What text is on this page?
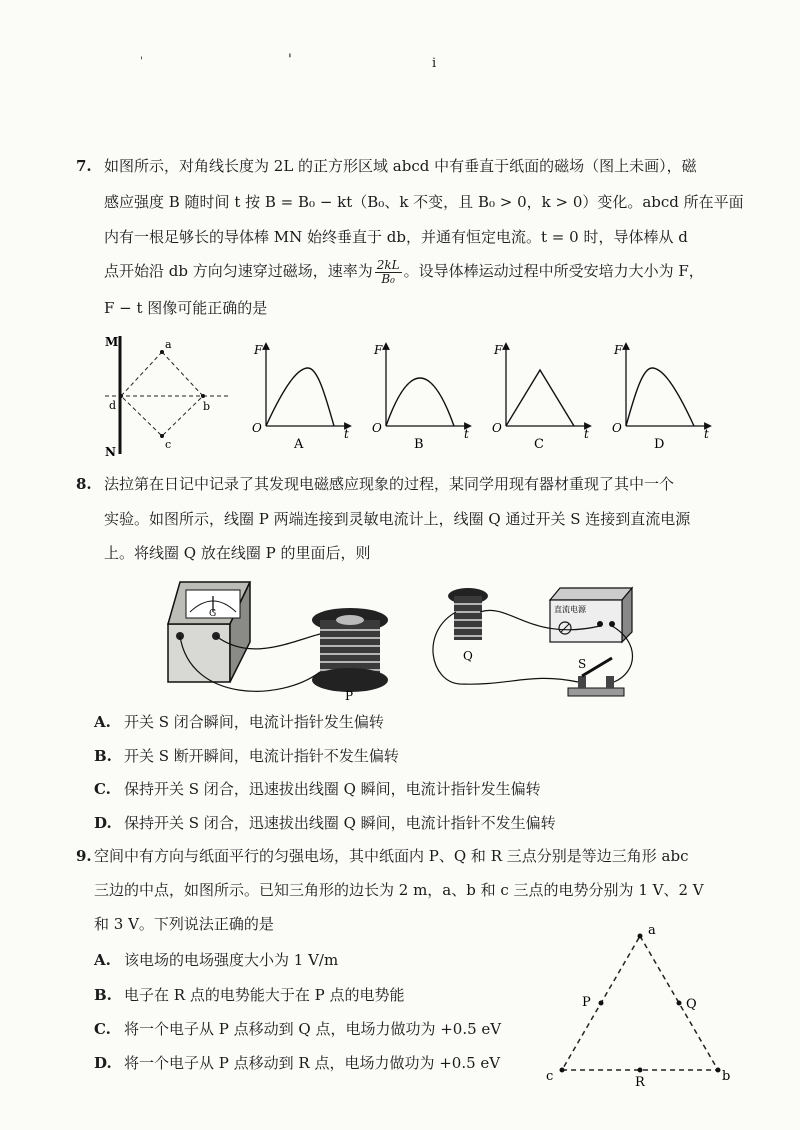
'	'	i
7. 如图所示，对角线长度为 2L 的正方形区域 abcd 中有垂直于纸面的磁场（图上未画），磁
感应强度 B 随时间 t 按 B = B₀ − kt（B₀、k 不变，且 B₀ > 0，k > 0）变化。abcd 所在平面
内有一根足够长的导体棒 MN 始终垂直于 db，并通有恒定电流。t = 0 时，导体棒从 d
点开始沿 db 方向匀速穿过磁场，速率为 $\frac{2kL}{\text{B₀}}$ 。设导体棒运动过程中所受安培力大小为 F，
F − t 图像可能正确的是
M
N
a
b
c
d
F
O	t
A
F
O	t
B
F
O	t
C
F
O	t
D
8. 法拉第在日记中记录了其发现电磁感应现象的过程，某同学用现有器材重现了其中一个
实验。如图所示，线圈 P 两端连接到灵敏电流计上，线圈 Q 通过开关 S 连接到直流电源
上。将线圈 Q 放在线圈 P 的里面后，则
G
P
Q
直流电源
S
A. 开关 S 闭合瞬间，电流计指针发生偏转
B. 开关 S 断开瞬间，电流计指针不发生偏转
C. 保持开关 S 闭合，迅速拔出线圈 Q 瞬间，电流计指针发生偏转
D. 保持开关 S 闭合，迅速拔出线圈 Q 瞬间，电流计指针不发生偏转
9. 空间中有方向与纸面平行的匀强电场，其中纸面内 P、Q 和 R 三点分别是等边三角形 abc
三边的中点，如图所示。已知三角形的边长为 2 m，a、b 和 c 三点的电势分别为 1 V、2 V
和 3 V。下列说法正确的是
A. 该电场的电场强度大小为 1 V/m
B. 电子在 R 点的电势能大于在 P 点的电势能
C. 将一个电子从 P 点移动到 Q 点，电场力做功为 +0.5 eV
D. 将一个电子从 P 点移动到 R 点，电场力做功为 +0.5 eV
a
b
c
P	Q
R
